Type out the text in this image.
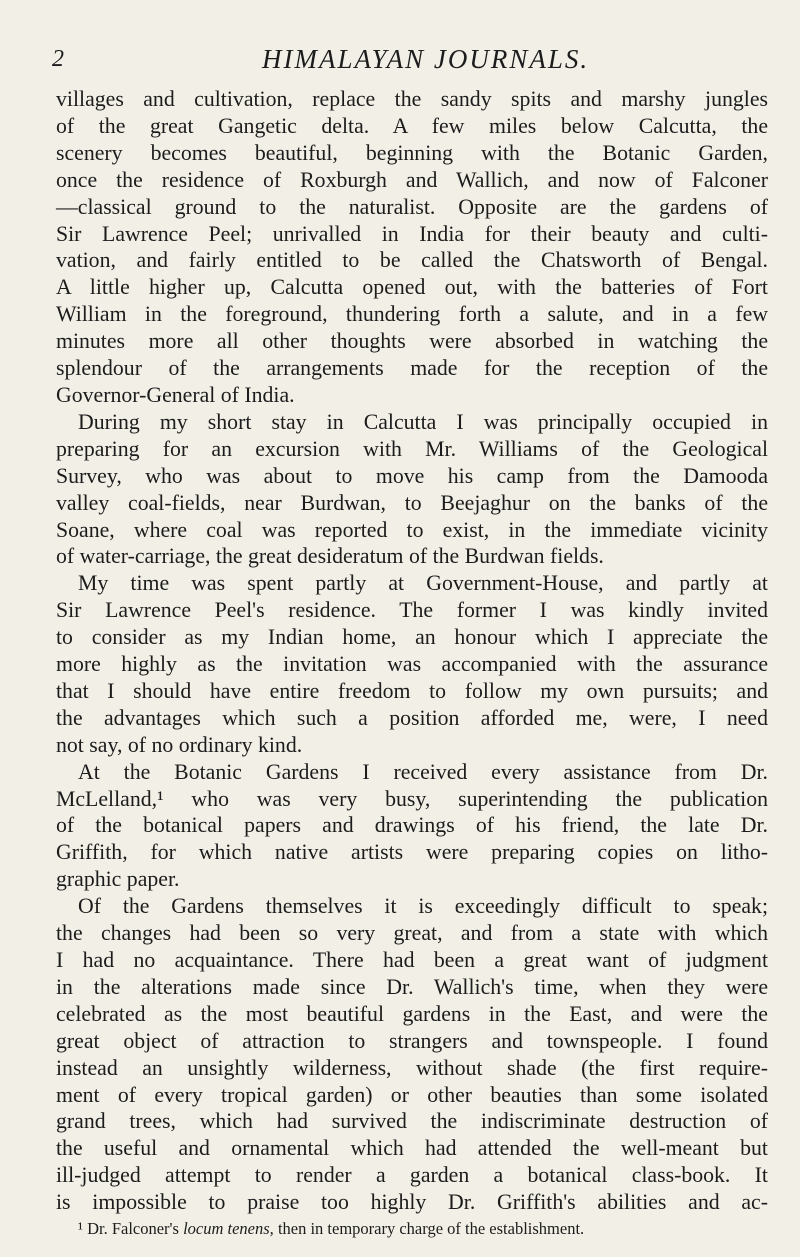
2	HIMALAYAN JOURNALS.
villages and cultivation, replace the sandy spits and marshy jungles
of the great Gangetic delta. A few miles below Calcutta, the
scenery becomes beautiful, beginning with the Botanic Garden,
once the residence of Roxburgh and Wallich, and now of Falconer
—classical ground to the naturalist. Opposite are the gardens of
Sir Lawrence Peel; unrivalled in India for their beauty and culti-
vation, and fairly entitled to be called the Chatsworth of Bengal.
A little higher up, Calcutta opened out, with the batteries of Fort
William in the foreground, thundering forth a salute, and in a few
minutes more all other thoughts were absorbed in watching the
splendour of the arrangements made for the reception of the
Governor-General of India.
During my short stay in Calcutta I was principally occupied in
preparing for an excursion with Mr. Williams of the Geological
Survey, who was about to move his camp from the Damooda
valley coal-fields, near Burdwan, to Beejaghur on the banks of the
Soane, where coal was reported to exist, in the immediate vicinity
of water-carriage, the great desideratum of the Burdwan fields.
My time was spent partly at Government-House, and partly at
Sir Lawrence Peel's residence. The former I was kindly invited
to consider as my Indian home, an honour which I appreciate the
more highly as the invitation was accompanied with the assurance
that I should have entire freedom to follow my own pursuits; and
the advantages which such a position afforded me, were, I need
not say, of no ordinary kind.
At the Botanic Gardens I received every assistance from Dr.
McLelland,¹ who was very busy, superintending the publication
of the botanical papers and drawings of his friend, the late Dr.
Griffith, for which native artists were preparing copies on litho-
graphic paper.
Of the Gardens themselves it is exceedingly difficult to speak;
the changes had been so very great, and from a state with which
I had no acquaintance. There had been a great want of judgment
in the alterations made since Dr. Wallich's time, when they were
celebrated as the most beautiful gardens in the East, and were the
great object of attraction to strangers and townspeople. I found
instead an unsightly wilderness, without shade (the first require-
ment of every tropical garden) or other beauties than some isolated
grand trees, which had survived the indiscriminate destruction of
the useful and ornamental which had attended the well-meant but
ill-judged attempt to render a garden a botanical class-book. It
is impossible to praise too highly Dr. Griffith's abilities and ac-
¹ Dr. Falconer's locum tenens, then in temporary charge of the establishment.
